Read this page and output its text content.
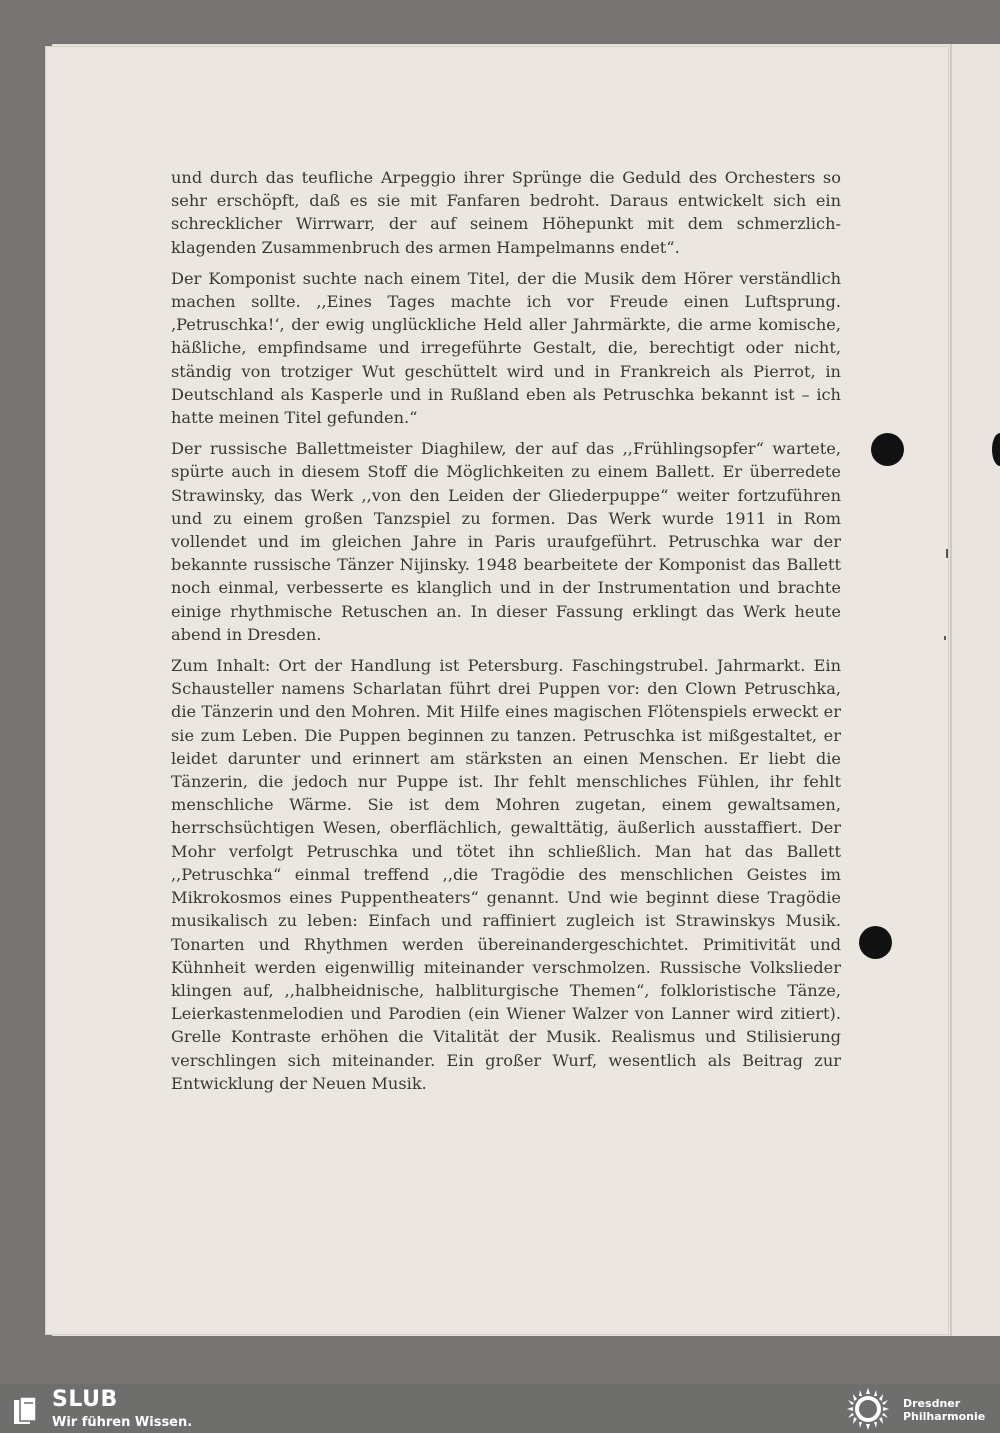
und durch das teufliche Arpeggio ihrer Sprünge die Geduld des Orchesters so sehr erschöpft, daß es sie mit Fanfaren bedroht. Daraus entwickelt sich ein schrecklicher Wirrwarr, der auf seinem Höhepunkt mit dem schmerzlichklagenden Zusammenbruch des armen Hampelmanns endet“.

Der Komponist suchte nach einem Titel, der die Musik dem Hörer verständlich machen sollte. ,,Eines Tages machte ich vor Freude einen Luftsprung. ‚Petruschka!‘, der ewig unglückliche Held aller Jahrmärkte, die arme komische, häßliche, empfindsame und irregeführte Gestalt, die, berechtigt oder nicht, ständig von trotziger Wut geschüttelt wird und in Frankreich als Pierrot, in Deutschland als Kasperle und in Rußland eben als Petruschka bekannt ist – ich hatte meinen Titel gefunden.“

Der russische Ballettmeister Diaghilew, der auf das ,,Frühlingsopfer“ wartete, spürte auch in diesem Stoff die Möglichkeiten zu einem Ballett. Er überredete Strawinsky, das Werk ,,von den Leiden der Gliederpuppe“ weiter fortzuführen und zu einem großen Tanzspiel zu formen. Das Werk wurde 1911 in Rom vollendet und im gleichen Jahre in Paris uraufgeführt. Petruschka war der bekannte russische Tänzer Nijinsky. 1948 bearbeitete der Komponist das Ballett noch einmal, verbesserte es klanglich und in der Instrumentation und brachte einige rhythmische Retuschen an. In dieser Fassung erklingt das Werk heute abend in Dresden.

Zum Inhalt: Ort der Handlung ist Petersburg. Faschingstrubel. Jahrmarkt. Ein Schausteller namens Scharlatan führt drei Puppen vor: den Clown Petruschka, die Tänzerin und den Mohren. Mit Hilfe eines magischen Flötenspiels erweckt er sie zum Leben. Die Puppen beginnen zu tanzen. Petruschka ist mißgestaltet, er leidet darunter und erinnert am stärksten an einen Menschen. Er liebt die Tänzerin, die jedoch nur Puppe ist. Ihr fehlt menschliches Fühlen, ihr fehlt menschliche Wärme. Sie ist dem Mohren zugetan, einem gewaltsamen, herrschsüchtigen Wesen, oberflächlich, gewalttätig, äußerlich ausstaffiert. Der Mohr verfolgt Petruschka und tötet ihn schließlich. Man hat das Ballett ,,Petruschka“ einmal treffend ,,die Tragödie des menschlichen Geistes im Mikrokosmos eines Puppentheaters“ genannt. Und wie beginnt diese Tragödie musikalisch zu leben: Einfach und raffiniert zugleich ist Strawinskys Musik. Tonarten und Rhythmen werden übereinandergeschichtet. Primitivität und Kühnheit werden eigenwillig miteinander verschmolzen. Russische Volkslieder klingen auf, ,,halbheidnische, halbliturgische Themen“, folkloristische Tänze, Leierkastenmelodien und Parodien (ein Wiener Walzer von Lanner wird zitiert). Grelle Kontraste erhöhen die Vitalität der Musik. Realismus und Stilisierung verschlingen sich miteinander. Ein großer Wurf, wesentlich als Beitrag zur Entwicklung der Neuen Musik.

SLUB
Wir führen Wissen.
Dresdner
Philharmonie
